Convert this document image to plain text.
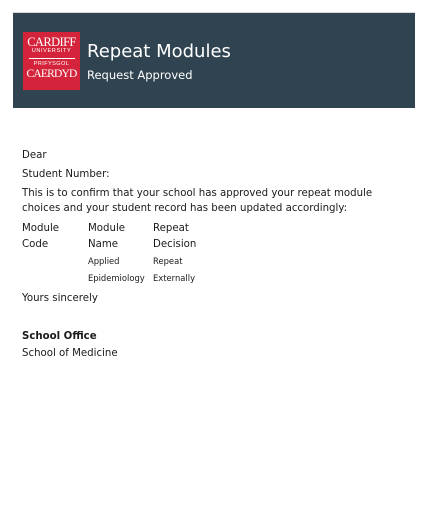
CARDIFF
UNIVERSITY
PRIFYSGOL
CAERDYD
Repeat Modules
Request Approved
Dear
Student Number:
This is to confirm that your school has approved your repeat module choices and your student record has been updated accordingly:
Module
Code
Module
Name
Repeat
Decision
Applied	Repeat
Epidemiology Externally
Yours sincerely
School Office
School of Medicine
